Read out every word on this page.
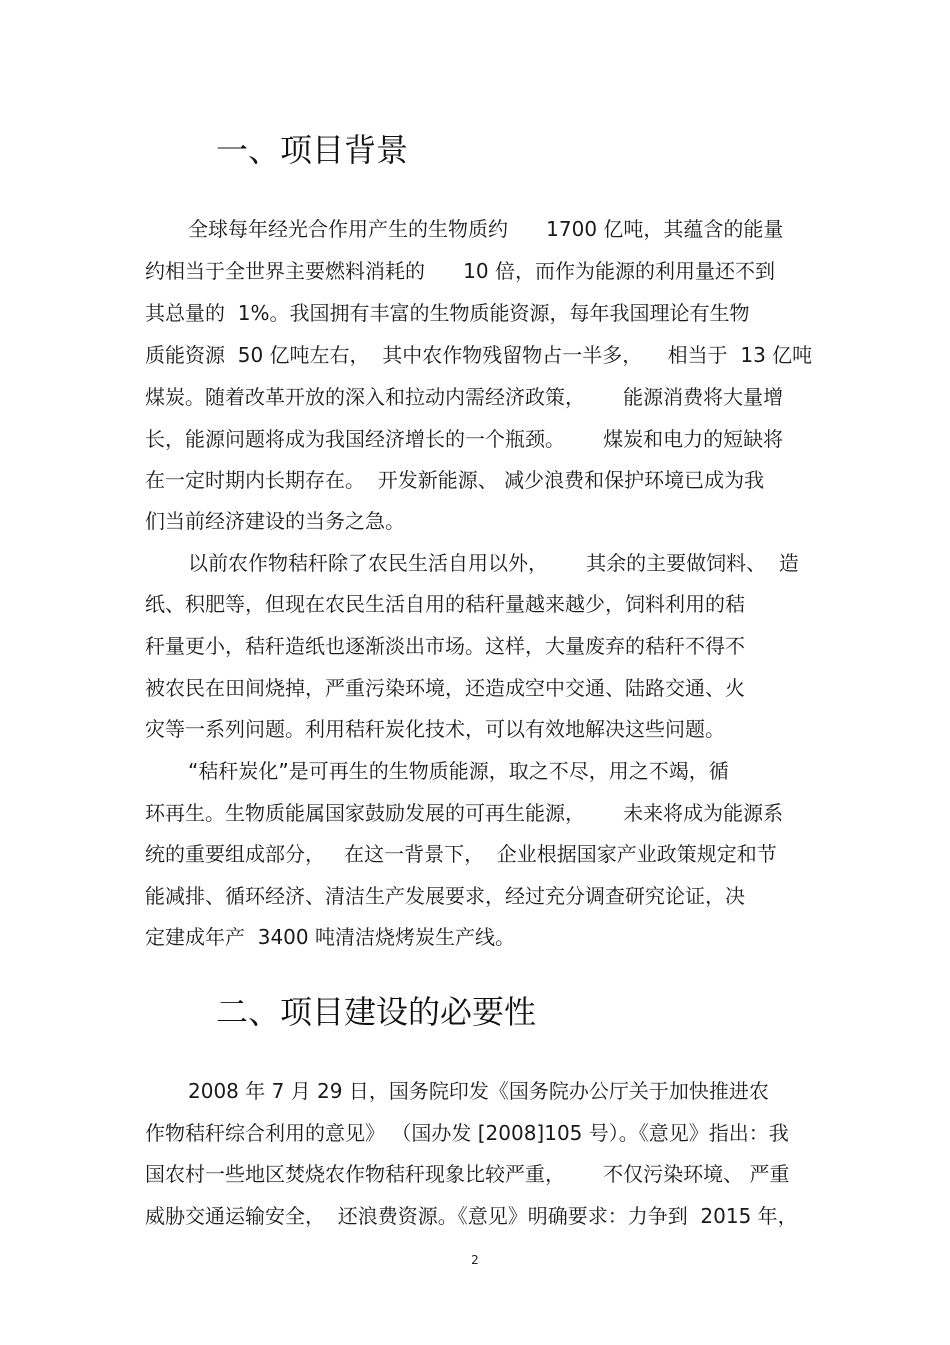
一、项目背景
全球每年经光合作用产生的生物质约      1700 亿吨，其蕴含的能量
约相当于全世界主要燃料消耗的      10 倍，而作为能源的利用量还不到
其总量的  1%。我国拥有丰富的生物质能资源，每年我国理论有生物
质能资源  50 亿吨左右，  其中农作物残留物占一半多，    相当于  13 亿吨
煤炭。随着改革开放的深入和拉动内需经济政策，      能源消费将大量增
长，能源问题将成为我国经济增长的一个瓶颈。      煤炭和电力的短缺将
在一定时期内长期存在。  开发新能源、 减少浪费和保护环境已成为我
们当前经济建设的当务之急。
以前农作物秸秆除了农民生活自用以外，      其余的主要做饲料、  造
纸、积肥等，但现在农民生活自用的秸秆量越来越少，饲料利用的秸
秆量更小，秸秆造纸也逐渐淡出市场。这样，大量废弃的秸秆不得不
被农民在田间烧掉，严重污染环境，还造成空中交通、陆路交通、火
灾等一系列问题。利用秸秆炭化技术，可以有效地解决这些问题。
“秸秆炭化”是可再生的生物质能源，取之不尽，用之不竭，循
环再生。生物质能属国家鼓励发展的可再生能源，      未来将成为能源系
统的重要组成部分，   在这一背景下，  企业根据国家产业政策规定和节
能减排、循环经济、清洁生产发展要求，经过充分调查研究论证，决
定建成年产  3400 吨清洁烧烤炭生产线。
二、项目建设的必要性
2008 年 7 月 29 日，国务院印发《国务院办公厅关于加快推进农
作物秸秆综合利用的意见》 （国办发 [2008]105 号）。《意见》指出：我
国农村一些地区焚烧农作物秸秆现象比较严重，      不仅污染环境、 严重
威胁交通运输安全，  还浪费资源。《意见》明确要求：力争到  2015 年，
2
